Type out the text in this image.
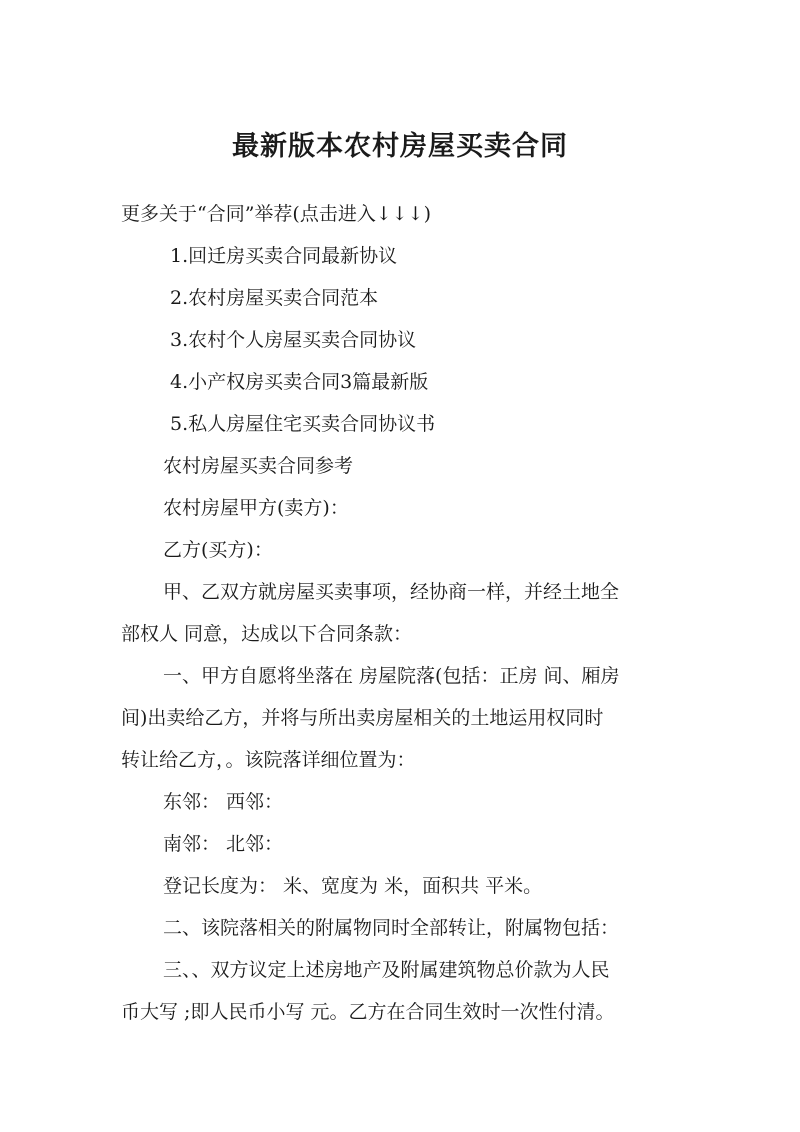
最新版本农村房屋买卖合同
更多关于“合同”举荐(点击进入↓↓↓)
1.回迁房买卖合同最新协议
2.农村房屋买卖合同范本
3.农村个人房屋买卖合同协议
4.小产权房买卖合同3篇最新版
5.私人房屋住宅买卖合同协议书
农村房屋买卖合同参考
农村房屋甲方(卖方)：
乙方(买方)：
甲、乙双方就房屋买卖事项，经协商一样，并经土地全
部权人 同意，达成以下合同条款：
一、甲方自愿将坐落在 房屋院落(包括：正房 间、厢房
间)出卖给乙方，并将与所出卖房屋相关的土地运用权同时
转让给乙方，。该院落详细位置为：
东邻： 西邻：
南邻： 北邻：
登记长度为： 米、宽度为 米，面积共 平米。
二、该院落相关的附属物同时全部转让，附属物包括：
三、、双方议定上述房地产及附属建筑物总价款为人民
币大写 ;即人民币小写 元。乙方在合同生效时一次性付清。
